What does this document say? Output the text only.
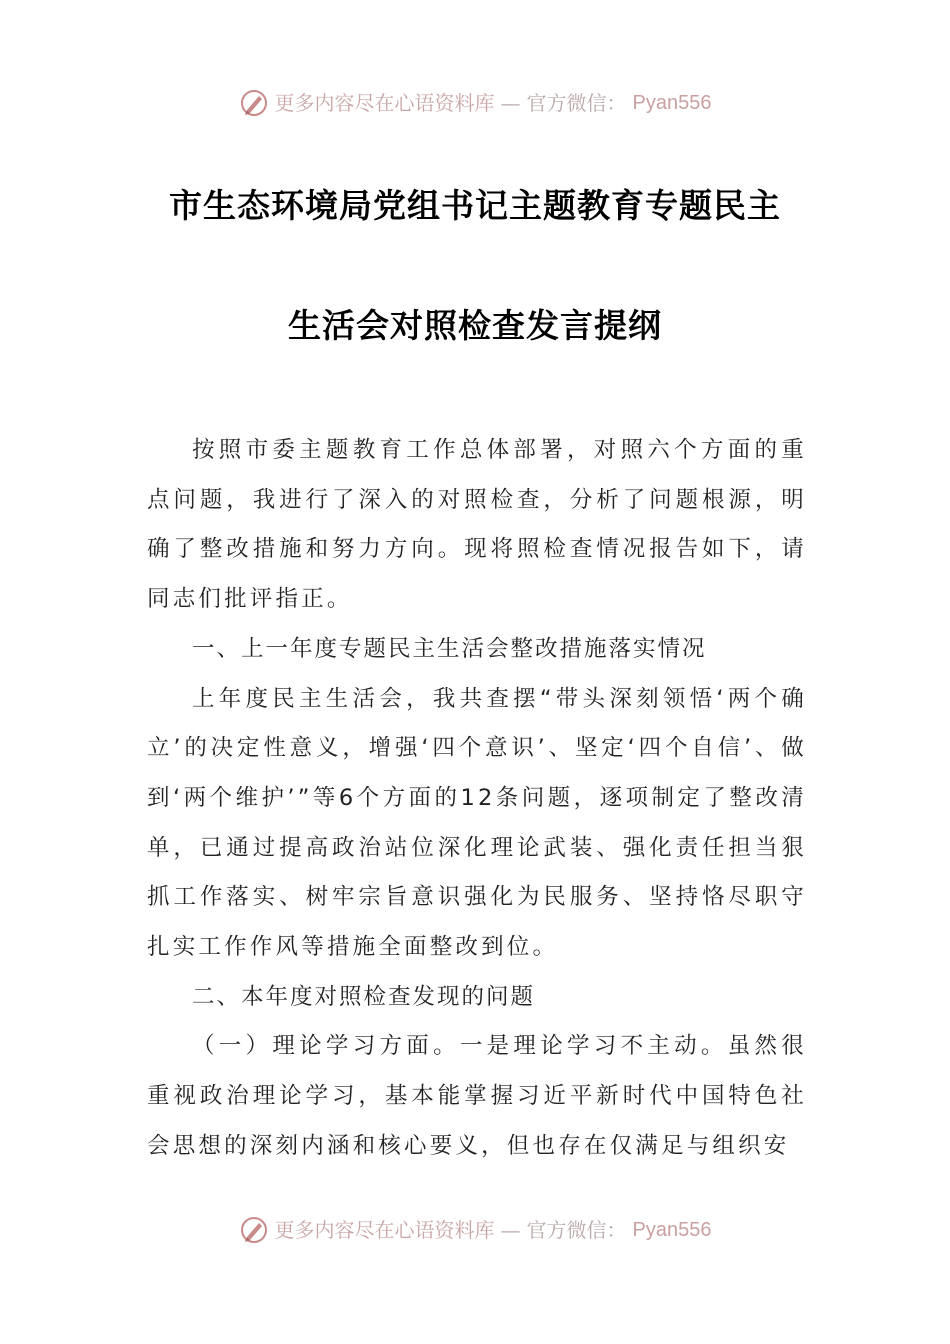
更多内容尽在心语资料库 — 官方微信： Pyan556
市生态环境局党组书记主题教育专题民主
生活会对照检查发言提纲

按照市委主题教育工作总体部署，对照六个方面的重点问题，我进行了深入的对照检查，分析了问题根源，明确了整改措施和努力方向。现将照检查情况报告如下，请同志们批评指正。

一、上一年度专题民主生活会整改措施落实情况

上年度民主生活会，我共查摆“带头深刻领悟‘两个确立’的决定性意义，增强‘四个意识’、坚定‘四个自信’、做到‘两个维护’”等6个方面的12条问题，逐项制定了整改清单，已通过提高政治站位深化理论武装、强化责任担当狠抓工作落实、树牢宗旨意识强化为民服务、坚持恪尽职守扎实工作作风等措施全面整改到位。

二、本年度对照检查发现的问题

（一）理论学习方面。一是理论学习不主动。虽然很重视政治理论学习，基本能掌握习近平新时代中国特色社会思想的深刻内涵和核心要义，但也存在仅满足与组织安

更多内容尽在心语资料库 — 官方微信： Pyan556
